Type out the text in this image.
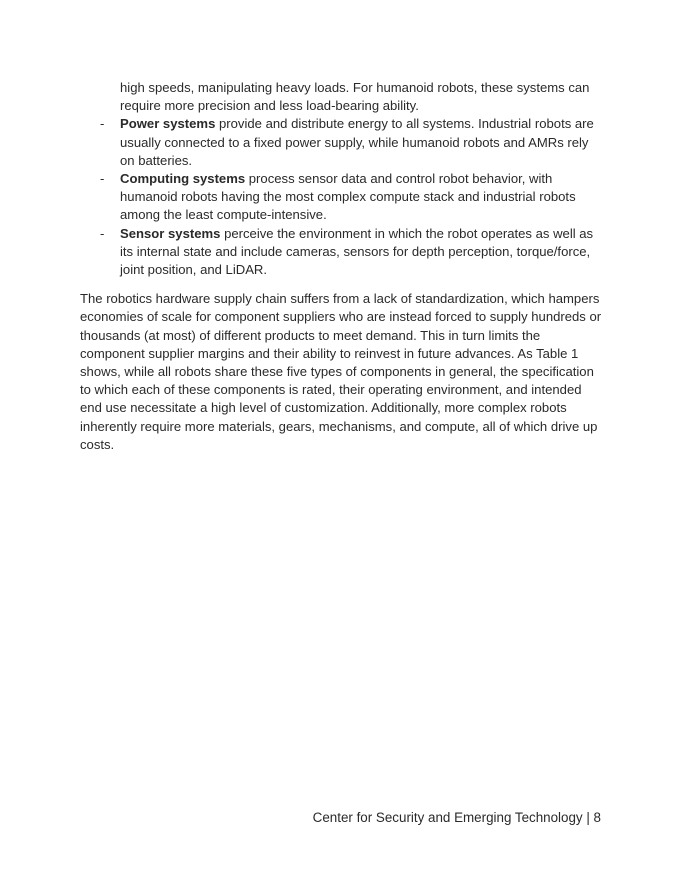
high speeds, manipulating heavy loads. For humanoid robots, these systems can require more precision and less load-bearing ability.

- Power systems provide and distribute energy to all systems. Industrial robots are usually connected to a fixed power supply, while humanoid robots and AMRs rely on batteries.
- Computing systems process sensor data and control robot behavior, with humanoid robots having the most complex compute stack and industrial robots among the least compute-intensive.
- Sensor systems perceive the environment in which the robot operates as well as its internal state and include cameras, sensors for depth perception, torque/force, joint position, and LiDAR.

The robotics hardware supply chain suffers from a lack of standardization, which hampers economies of scale for component suppliers who are instead forced to supply hundreds or thousands (at most) of different products to meet demand. This in turn limits the component supplier margins and their ability to reinvest in future advances. As Table 1 shows, while all robots share these five types of components in general, the specification to which each of these components is rated, their operating environment, and intended end use necessitate a high level of customization. Additionally, more complex robots inherently require more materials, gears, mechanisms, and compute, all of which drive up costs.

Center for Security and Emerging Technology | 8
